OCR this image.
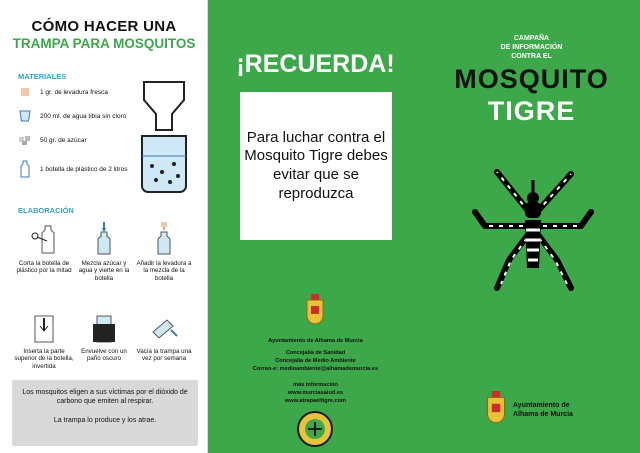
CÓMO HACER UNA
TRAMPA PARA MOSQUITOS
MATERIALES
1 gr. de levadura fresca
200 ml. de agua tibia sin cloro
50 gr. de azúcar
1 botella de plástico de 2 litros
ELABORACIÓN
Corta la botella de plástico por la mitad
Mezcla azúcar y agua y vierte en la botella
Añadir la levadura a la mezcla de la botella
Inserta la parte superior de la botella, invertida
Envuelve con un paño oscuro
Vacía la trampa una vez por semana

Los mosquitos eligen a sus víctimas por el dióxido de carbono que emiten al respirar.

La trampa lo produce y los atrae.

¡RECUERDA!
Para luchar contra el Mosquito Tigre debes evitar que se reproduzca
Ayuntamiento de Alhama de Murcia
Concejalía de Sanidad
Concejalía de Medio Ambiente
Correo-e: medioambiente@alhamademurcia.es
más información
www.murciasalud.es
www.atrapaeltigre.com
CAMPAÑA
DE INFORMACIÓN
CONTRA EL
MOSQUITO
TIGRE
Ayuntamiento de
Alhama de Murcia
